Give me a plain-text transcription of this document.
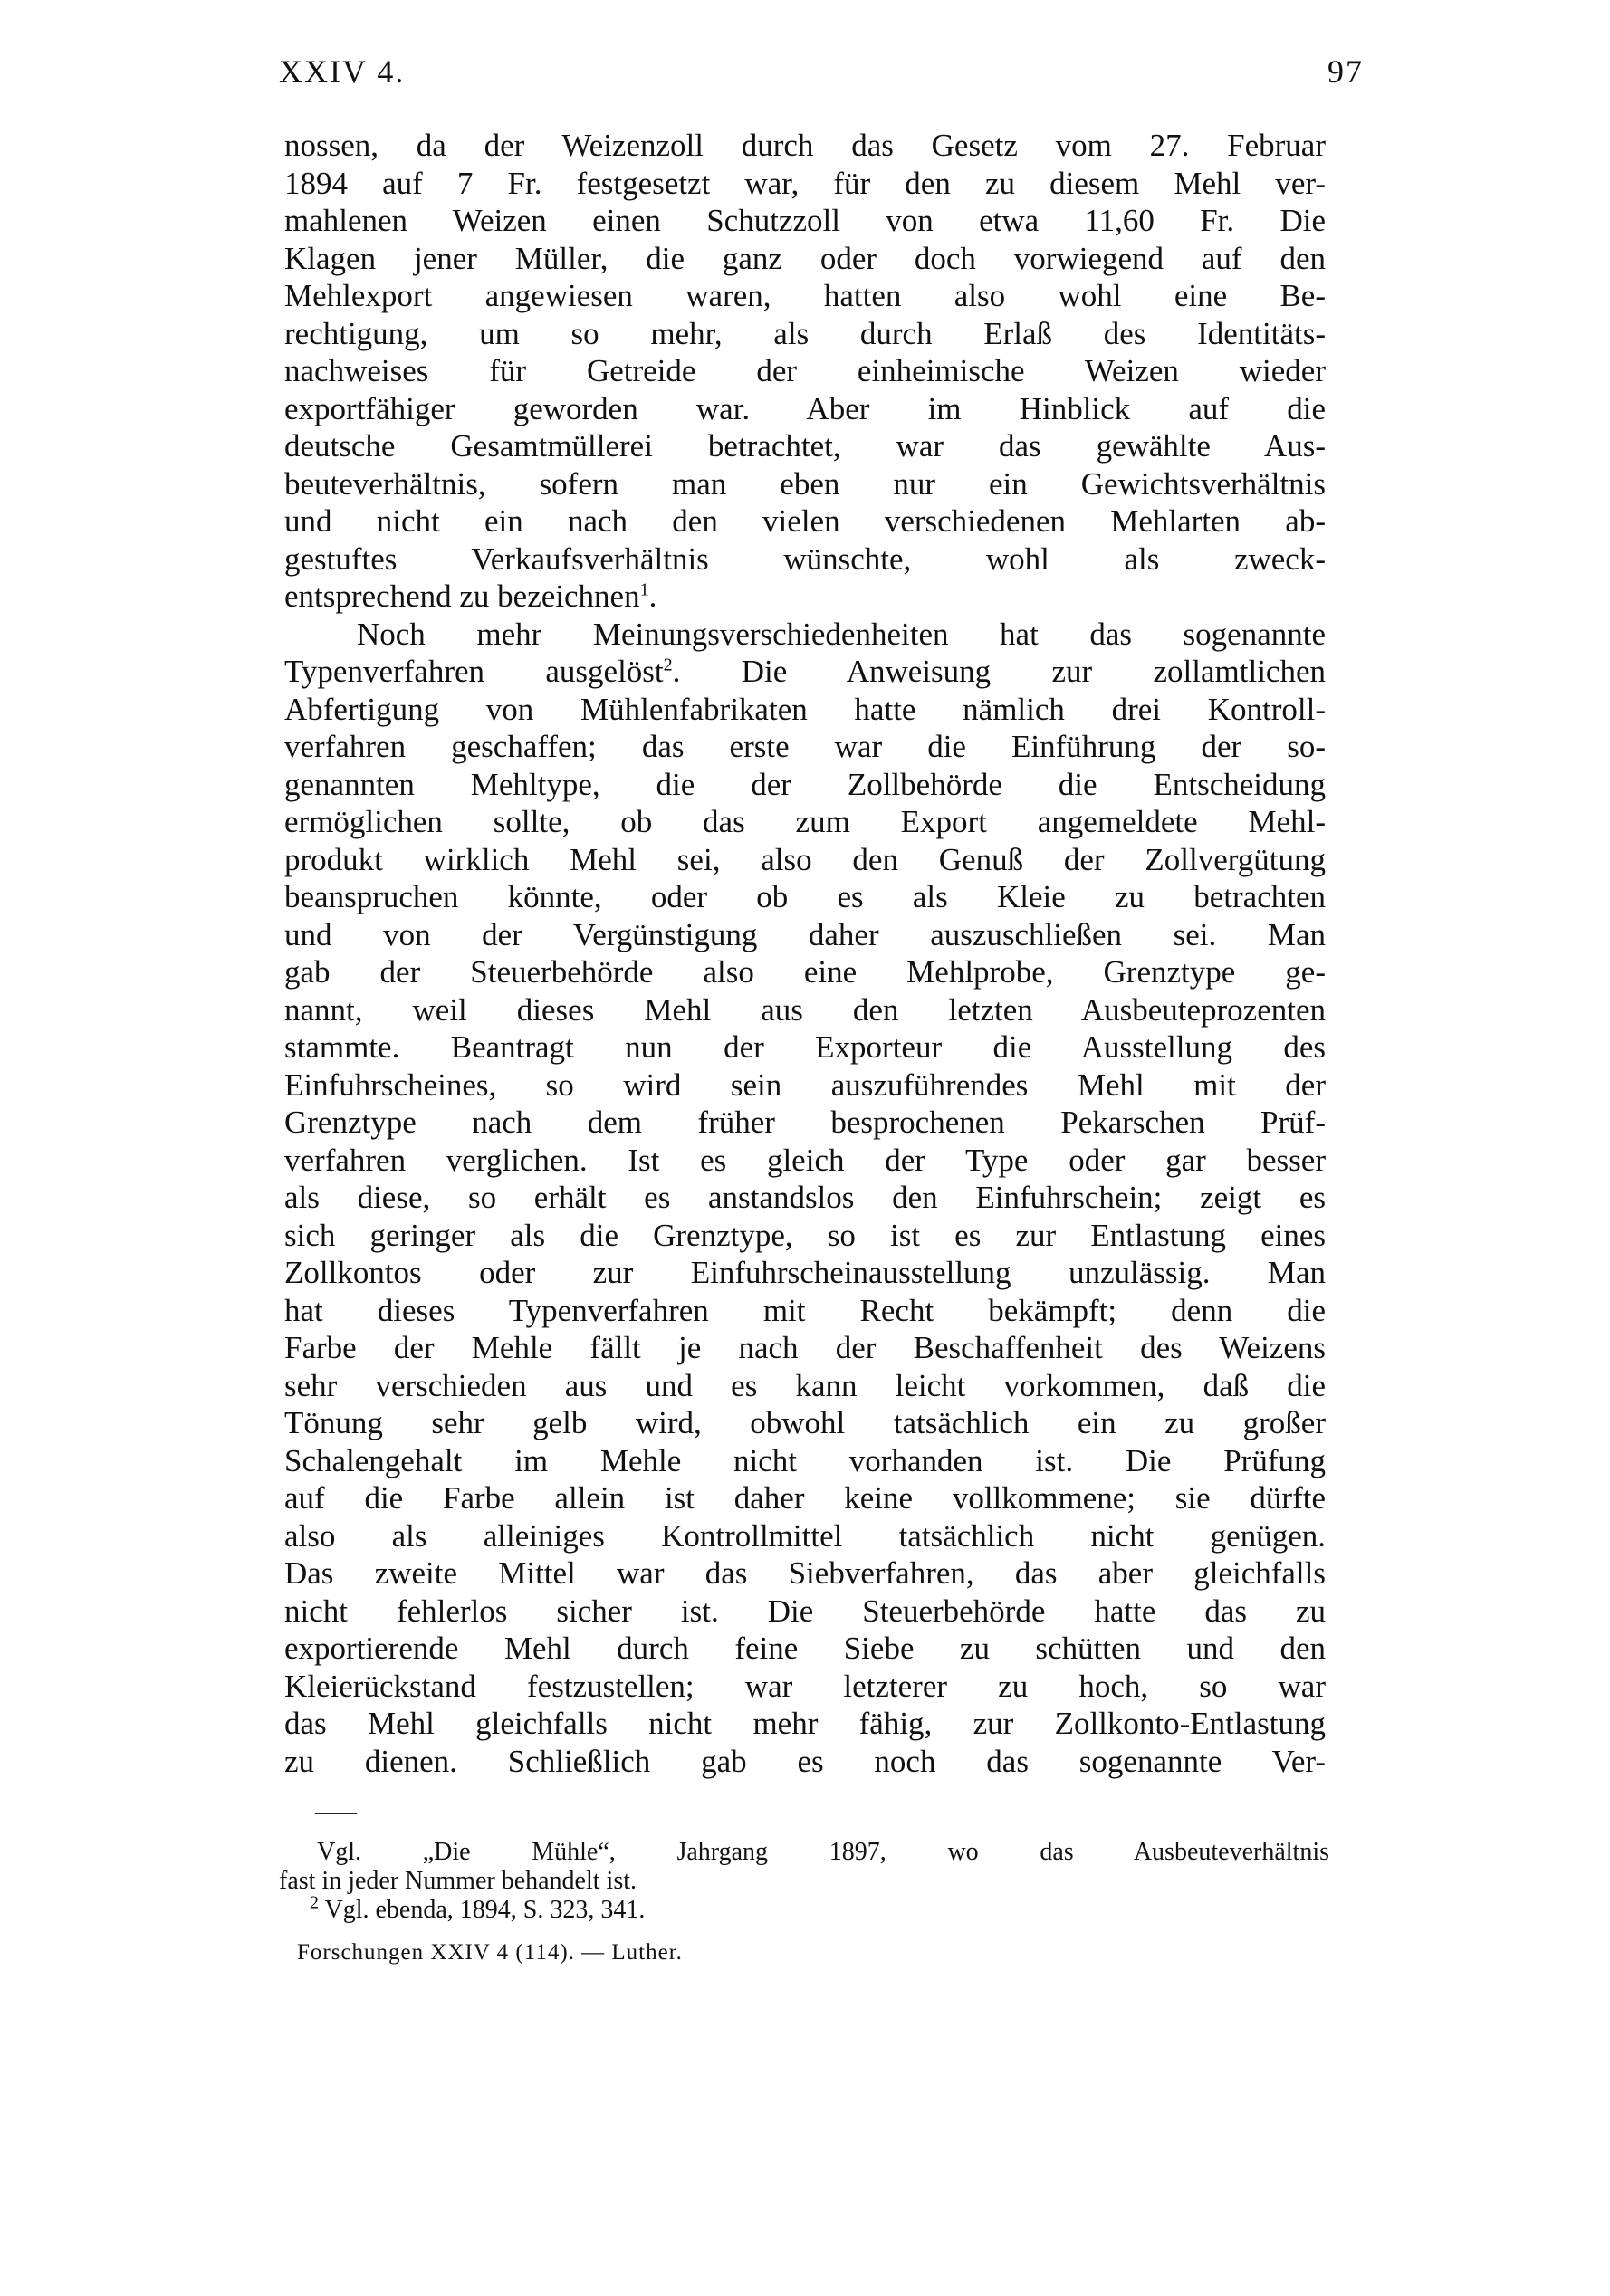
XXIV 4.	97
nossen, da der Weizenzoll durch das Gesetz vom 27. Februar
1894 auf 7 Fr. festgesetzt war, für den zu diesem Mehl ver-
mahlenen Weizen einen Schutzzoll von etwa 11,60 Fr. Die
Klagen jener Müller, die ganz oder doch vorwiegend auf den
Mehlexport angewiesen waren, hatten also wohl eine Be-
rechtigung, um so mehr, als durch Erlaß des Identitäts-
nachweises für Getreide der einheimische Weizen wieder
exportfähiger geworden war. Aber im Hinblick auf die
deutsche Gesamtmüllerei betrachtet, war das gewählte Aus-
beuteverhältnis, sofern man eben nur ein Gewichtsverhältnis
und nicht ein nach den vielen verschiedenen Mehlarten ab-
gestuftes Verkaufsverhältnis wünschte, wohl als zweck-
entsprechend zu bezeichnen$^1$.
Noch mehr Meinungsverschiedenheiten hat das sogenannte
Typenverfahren ausgelöst$^2$. Die Anweisung zur zollamtlichen
Abfertigung von Mühlenfabrikaten hatte nämlich drei Kontroll-
verfahren geschaffen; das erste war die Einführung der so-
genannten Mehltype, die der Zollbehörde die Entscheidung
ermöglichen sollte, ob das zum Export angemeldete Mehl-
produkt wirklich Mehl sei, also den Genuß der Zollvergütung
beanspruchen könnte, oder ob es als Kleie zu betrachten
und von der Vergünstigung daher auszuschließen sei. Man
gab der Steuerbehörde also eine Mehlprobe, Grenztype ge-
nannt, weil dieses Mehl aus den letzten Ausbeuteprozenten
stammte. Beantragt nun der Exporteur die Ausstellung des
Einfuhrscheines, so wird sein auszuführendes Mehl mit der
Grenztype nach dem früher besprochenen Pekarschen Prüf-
verfahren verglichen. Ist es gleich der Type oder gar besser
als diese, so erhält es anstandslos den Einfuhrschein; zeigt es
sich geringer als die Grenztype, so ist es zur Entlastung eines
Zollkontos oder zur Einfuhrscheinausstellung unzulässig. Man
hat dieses Typenverfahren mit Recht bekämpft; denn die
Farbe der Mehle fällt je nach der Beschaffenheit des Weizens
sehr verschieden aus und es kann leicht vorkommen, daß die
Tönung sehr gelb wird, obwohl tatsächlich ein zu großer
Schalengehalt im Mehle nicht vorhanden ist. Die Prüfung
auf die Farbe allein ist daher keine vollkommene; sie dürfte
also als alleiniges Kontrollmittel tatsächlich nicht genügen.
Das zweite Mittel war das Siebverfahren, das aber gleichfalls
nicht fehlerlos sicher ist. Die Steuerbehörde hatte das zu
exportierende Mehl durch feine Siebe zu schütten und den
Kleierückstand festzustellen; war letzterer zu hoch, so war
das Mehl gleichfalls nicht mehr fähig, zur Zollkonto-Entlastung
zu dienen. Schließlich gab es noch das sogenannte Ver-
Vgl. „Die Mühle“, Jahrgang 1897, wo das Ausbeuteverhältnis
fast in jeder Nummer behandelt ist.
$^2$ Vgl. ebenda, 1894, S. 323, 341.
Forschungen XXIV 4 (114). — Luther.
